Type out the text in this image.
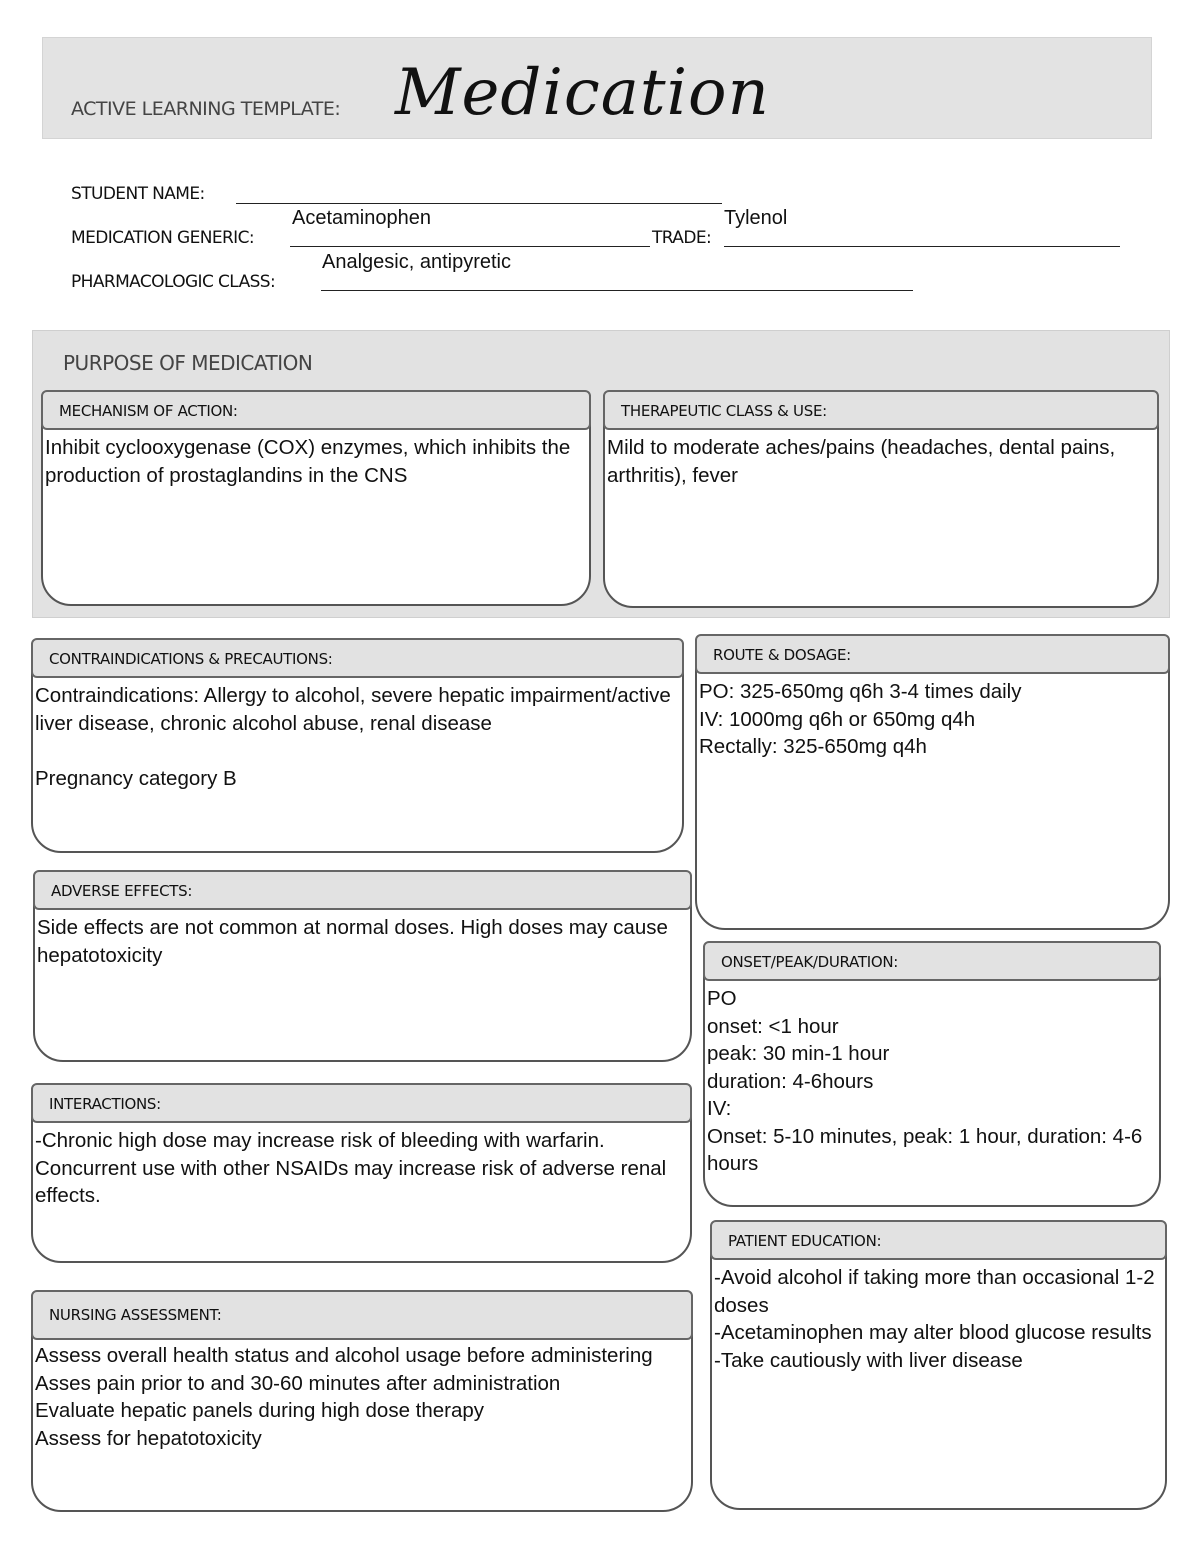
ACTIVE LEARNING TEMPLATE: Medication
STUDENT NAME:
MEDICATION GENERIC:
Acetaminophen
TRADE:
Tylenol
PHARMACOLOGIC CLASS:
Analgesic, antipyretic
PURPOSE OF MEDICATION
MECHANISM OF ACTION:
Inhibit cyclooxygenase (COX) enzymes, which inhibits the production of prostaglandins in the CNS
THERAPEUTIC CLASS & USE:
Mild to moderate aches/pains (headaches, dental pains, arthritis), fever
CONTRAINDICATIONS & PRECAUTIONS:
Contraindications: Allergy to alcohol, severe hepatic impairment/active liver disease, chronic alcohol abuse, renal disease
Pregnancy category B
ROUTE & DOSAGE:
PO: 325-650mg q6h 3-4 times daily
IV: 1000mg q6h or 650mg q4h
Rectally: 325-650mg q4h
ADVERSE EFFECTS:
Side effects are not common at normal doses. High doses may cause hepatotoxicity	ONSET/PEAK/DURATION:
PO
onset: <1 hour
peak: 30 min-1 hour
duration: 4-6hours
IV:
Onset: 5-10 minutes, peak: 1 hour, duration: 4-6 hours
INTERACTIONS:
-Chronic high dose may increase risk of bleeding with warfarin. Concurrent use with other NSAIDs may increase risk of adverse renal effects.
PATIENT EDUCATION:
-Avoid alcohol if taking more than occasional 1-2 doses
-Acetaminophen may alter blood glucose results
-Take cautiously with liver disease
NURSING ASSESSMENT:
Assess overall health status and alcohol usage before administering
Asses pain prior to and 30-60 minutes after administration
Evaluate hepatic panels during high dose therapy
Assess for hepatotoxicity
